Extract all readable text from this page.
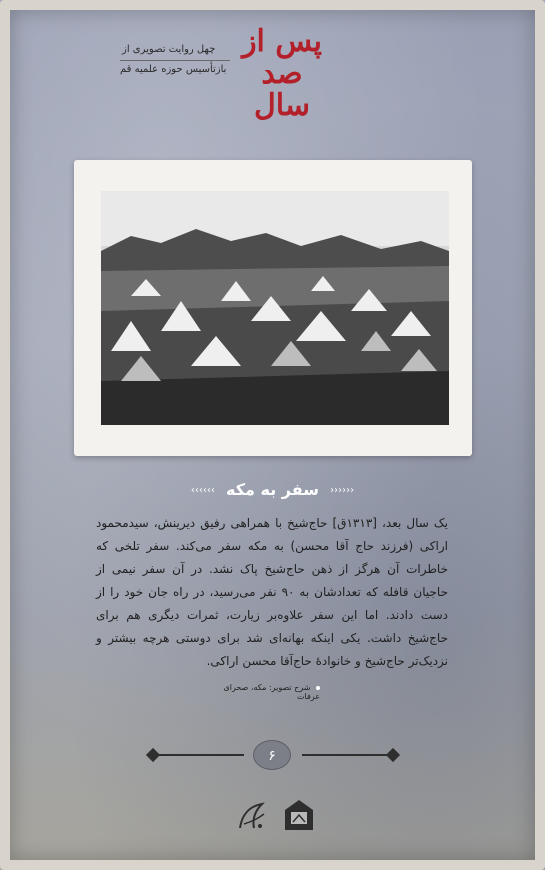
چهل روایت تصویری از
بازتأسیس حوزه علمیه قم
پس از صد سال
‹‹‹‹‹‹ سفر به مکه ››››››
یک سال بعد، [۱۳۱۳ق] حاج‌شیخ با همراهی رفیق دیرینش، سیدمحمود اراکی (فرزند حاج آقا محسن) به مکه سفر می‌کند. سفر تلخی که خاطرات آن هرگز از ذهن حاج‌شیخ پاک نشد. در آن سفر نیمی از حاجیان قافله که تعدادشان به ۹۰ نفر می‌رسید، در راه جان خود را از دست دادند. اما این سفر علاوه‌بر زیارت، ثمرات دیگری هم برای حاج‌شیخ داشت. یکی اینکه بهانه‌ای شد برای دوستی هرچه بیشتر و نزدیک‌تر حاج‌شیخ و خانوادهٔ حاج‌آقا محسن اراکی.
شرح تصویر: مکه، صحرای عرفات
۶
